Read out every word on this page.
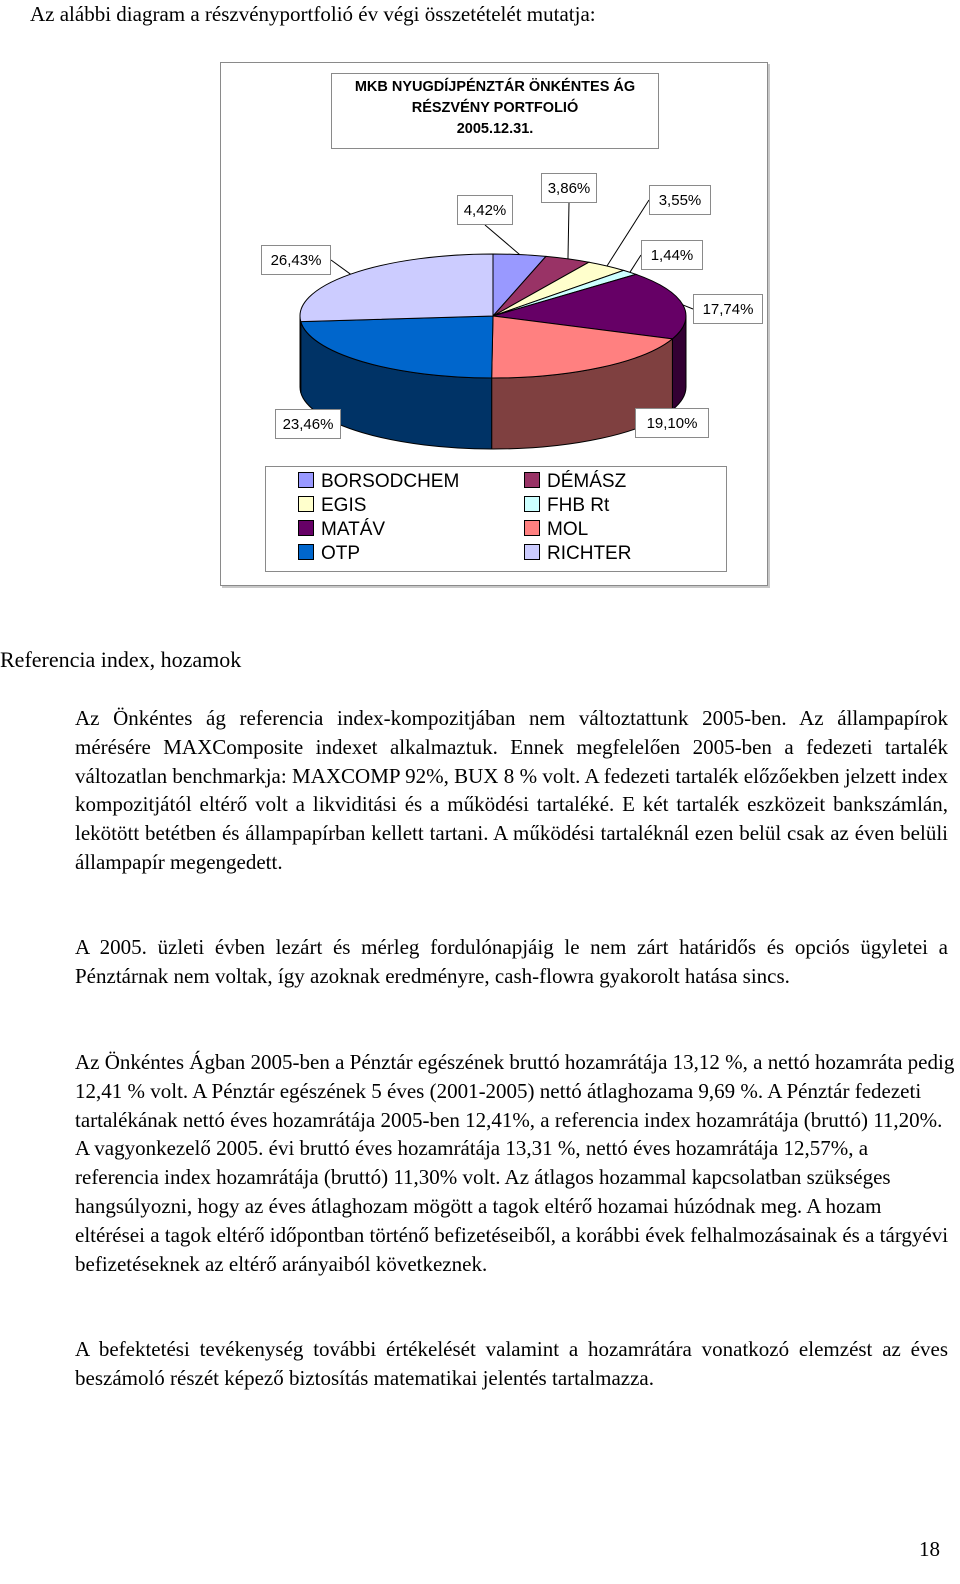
Az alábbi diagram a részvényportfolió év végi összetételét mutatja:

MKB NYUGDÍJPÉNZTÁR ÖNKÉNTES ÁG
RÉSZVÉNY PORTFOLIÓ
2005.12.31.
4,42%
3,86%
3,55%
1,44%
17,74%
19,10%
23,46%
26,43%
BORSODCHEM	DÉMÁSZ
EGIS	FHB Rt
MATÁV	MOL
OTP	RICHTER

Referencia index, hozamok

Az Önkéntes ág referencia index-kompozitjában nem változtattunk 2005-ben. Az állampapírok mérésére MAXComposite indexet alkalmaztuk. Ennek megfelelően 2005-ben a fedezeti tartalék változatlan benchmarkja: MAXCOMP 92%, BUX 8 % volt. A fedezeti tartalék előzőekben jelzett index kompozitjától eltérő volt a likviditási és a működési tartaléké. E két tartalék eszközeit bankszámlán, lekötött betétben és állampapírban kellett tartani. A működési tartaléknál ezen belül csak az éven belüli állampapír megengedett.

A 2005. üzleti évben lezárt és mérleg fordulónapjáig le nem zárt határidős és opciós ügyletei a Pénztárnak nem voltak, így azoknak eredményre, cash-flowra gyakorolt hatása sincs.

Az Önkéntes Ágban 2005-ben a Pénztár egészének bruttó hozamrátája 13,12 %, a nettó hozamráta pedig 12,41 % volt. A Pénztár egészének 5 éves (2001-2005) nettó átlaghozama 9,69 %. A Pénztár fedezeti tartalékának nettó éves hozamrátája 2005-ben 12,41%, a referencia index hozamrátája (bruttó) 11,20%. A vagyonkezelő 2005. évi bruttó éves hozamrátája 13,31 %, nettó éves hozamrátája 12,57%, a referencia index hozamrátája (bruttó) 11,30% volt. Az átlagos hozammal kapcsolatban szükséges hangsúlyozni, hogy az éves átlaghozam mögött a tagok eltérő hozamai húzódnak meg. A hozam eltérései a tagok eltérő időpontban történő befizetéseiből, a korábbi évek felhalmozásainak és a tárgyévi befizetéseknek az eltérő arányaiból következnek.

A befektetési tevékenység további értékelését valamint a hozamrátára vonatkozó elemzést az éves beszámoló részét képező biztosítás matematikai jelentés tartalmazza.

18
